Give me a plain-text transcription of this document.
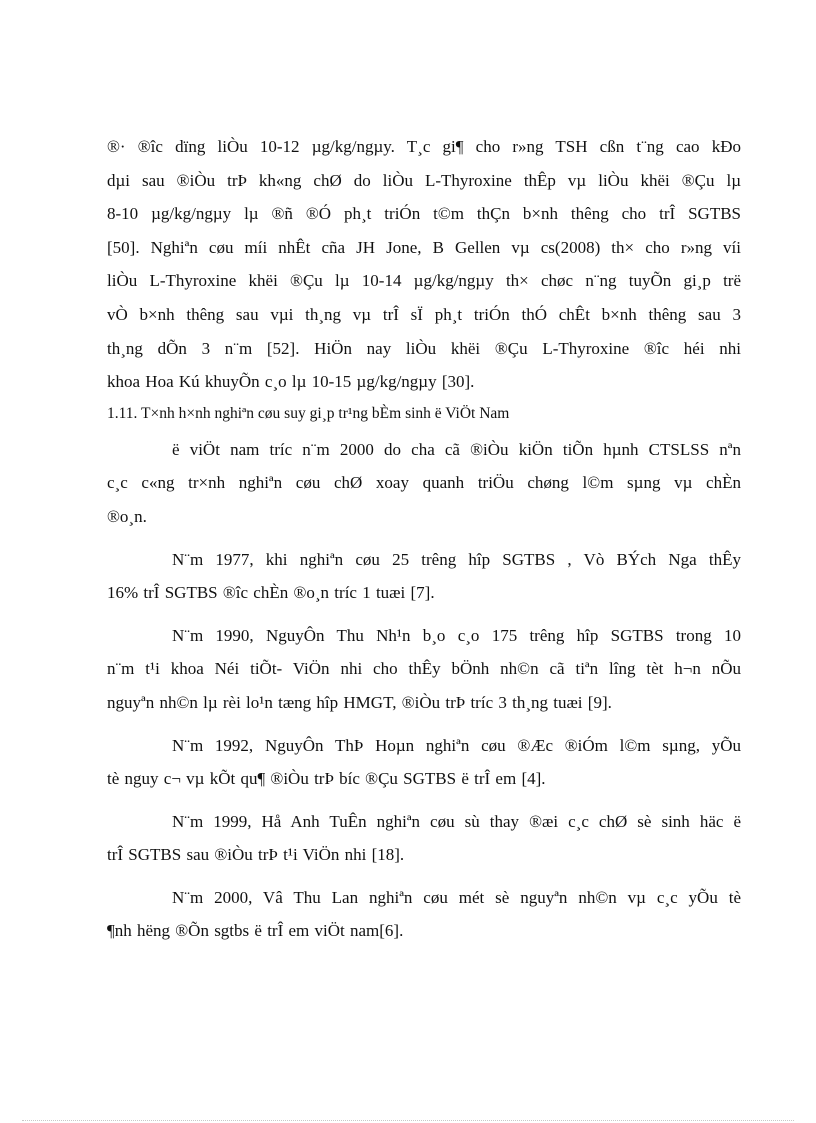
®· ®îc dïng liÒu 10-12 µg/kg/ngµy. T¸c gi¶ cho r»ng TSH cßn t¨ng cao kÐo
dµi sau ®iÒu trÞ kh«ng chØ do liÒu L-Thyroxine thÊp vµ liÒu khëi ®Çu lµ
8-10 µg/kg/ngµy lµ ®ñ ®Ó ph¸t triÓn t©m thÇn b×nh thêng cho trÎ SGTBS
[50]. Nghiªn cøu míi nhÊt cña JH Jone, B Gellen vµ cs(2008) th× cho r»ng víi
liÒu L-Thyroxine khëi ®Çu lµ 10-14 µg/kg/ngµy th× chøc n¨ng tuyÕn gi¸p trë
vÒ b×nh thêng sau vµi th¸ng vµ trÎ sÏ ph¸t triÓn thÓ chÊt b×nh thêng sau 3
th¸ng dÕn 3 n¨m [52]. HiÖn nay liÒu khëi ®Çu L-Thyroxine ®îc héi nhi
khoa Hoa Kú khuyÕn c¸o lµ 10-15 µg/kg/ngµy [30].

1.11. T×nh h×nh nghiªn cøu suy gi¸p tr¹ng bÈm sinh ë ViÖt Nam

ë viÖt nam tríc n¨m 2000 do cha cã ®iÒu kiÖn tiÕn hµnh CTSLSS nªn
c¸c c«ng tr×nh nghiªn cøu chØ xoay quanh triÖu chøng l©m sµng vµ chÈn
®o¸n.

N¨m 1977, khi nghiªn cøu 25 trêng hîp SGTBS , Vò BÝch Nga thÊy
16% trÎ SGTBS ®îc chÈn ®o¸n tríc 1 tuæi [7].

N¨m 1990, NguyÔn Thu Nh¹n b¸o c¸o 175 trêng hîp SGTBS trong 10
n¨m t¹i khoa Néi tiÕt- ViÖn nhi cho thÊy bÖnh nh©n cã tiªn lîng tèt h¬n nÕu
nguyªn nh©n lµ rèi lo¹n tæng hîp HMGT, ®iÒu trÞ tríc 3 th¸ng tuæi [9].

N¨m 1992, NguyÔn ThÞ Hoµn nghiªn cøu ®Æc ®iÓm l©m sµng, yÕu
tè nguy c¬ vµ kÕt qu¶ ®iÒu trÞ bíc ®Çu SGTBS ë trÎ em [4].

N¨m 1999, Hå Anh TuÊn nghiªn cøu sù thay ®æi c¸c chØ sè sinh häc ë
trÎ SGTBS sau ®iÒu trÞ t¹i ViÖn nhi [18].

N¨m 2000, Vâ Thu Lan nghiªn cøu mét sè nguyªn nh©n vµ c¸c yÕu tè
¶nh hëng ®Õn sgtbs ë trÎ em viÖt nam[6].
